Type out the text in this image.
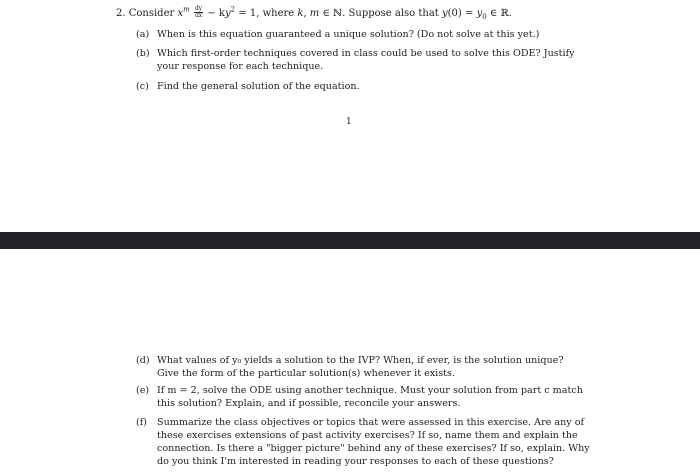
2. Consider $x^m \frac{dy}{dx} - ky^2 = 1$, where k, m ∈ ℕ. Suppose also that $y(0) = y_0$ ∈ ℝ.
(a) When is this equation guaranteed a unique solution? (Do not solve at this yet.)
(b) Which first-order techniques covered in class could be used to solve this ODE? Justify
your response for each technique.
(c) Find the general solution of the equation.
1
(d) What values of y₀ yields a solution to the IVP? When, if ever, is the solution unique?
Give the form of the particular solution(s) whenever it exists.
(e) If m = 2, solve the ODE using another technique. Must your solution from part c match
this solution? Explain, and if possible, reconcile your answers.
(f) Summarize the class objectives or topics that were assessed in this exercise. Are any of
these exercises extensions of past activity exercises? If so, name them and explain the
connection. Is there a "bigger picture" behind any of these exercises? If so, explain. Why
do you think I'm interested in reading your responses to each of these questions?
